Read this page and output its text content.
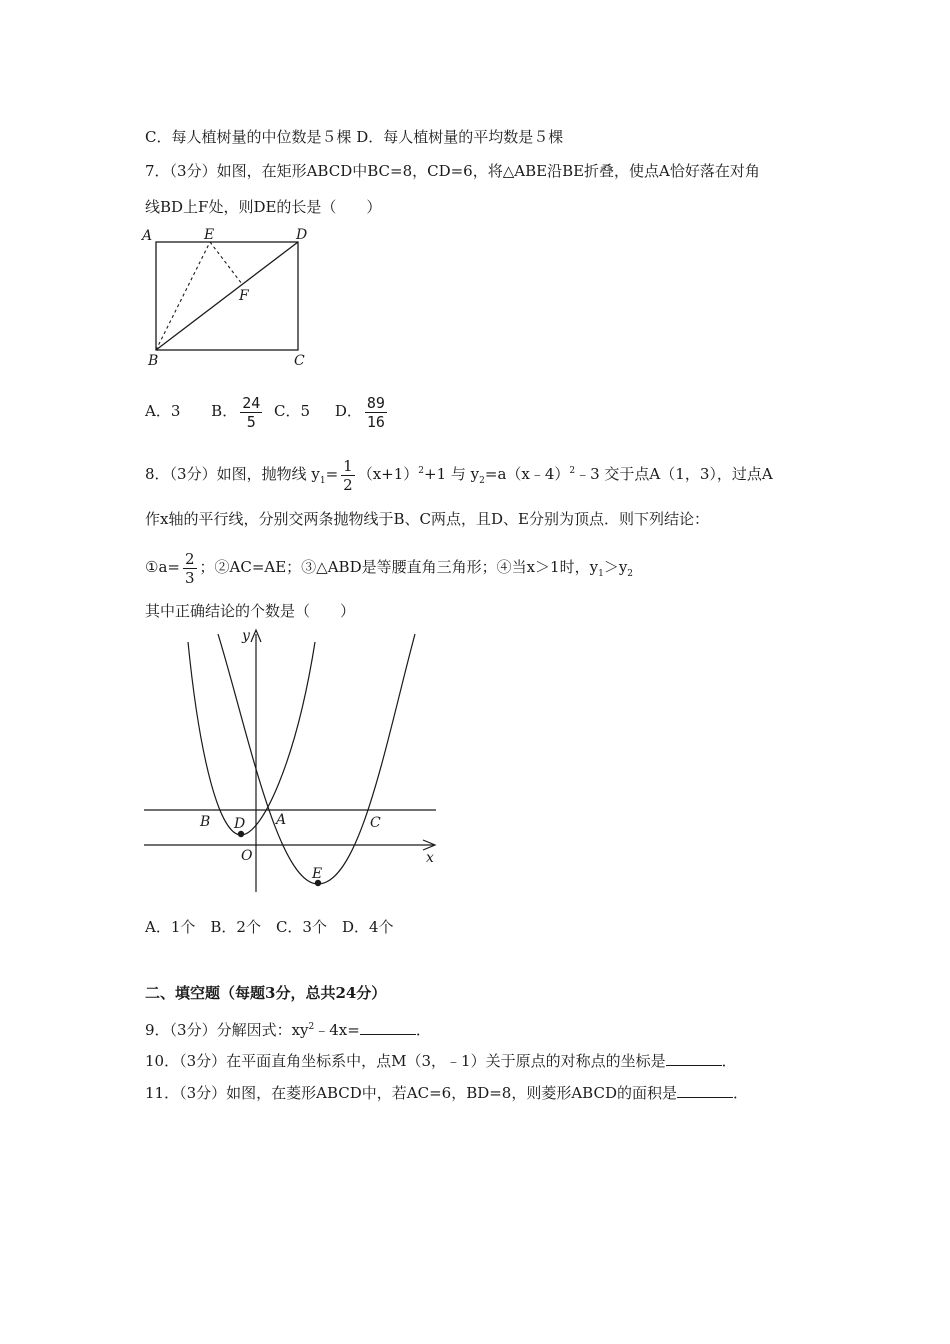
C．每人植树量的中位数是５棵 D．每人植树量的平均数是５棵
7．（3分）如图，在矩形ABCD中BC=8，CD=6，将△ABE沿BE折叠，使点A恰好落在对角
线BD上F处，则DE的长是（　　）
A	E	D
F
B	C
A．3 B． $\frac{24}{5}$ C．5 D． $\frac{89}{16}$
8．（3分）如图，抛物线 $y_1= \frac{1}{2} (x+1)^2+1$ 与 $y_2=a(x﹣4)^2﹣3$ 交于点A（1，3），过点A
作x轴的平行线，分别交两条抛物线于B、C两点，且D、E分别为顶点．则下列结论：
①a= $\frac{2}{3}$ ；②AC=AE；③△ABD是等腰直角三角形；④当x＞1时，$y_1>y_2$
其中正确结论的个数是（　　）
y
x
O
B D A	C
E
A．1个　B．2个　C．3个　D．4个
二、填空题（每题3分，总共24分）
9．（3分）分解因式：$xy^2﹣4x=$	．
10．（3分）在平面直角坐标系中，点M（3，﹣1）关于原点的对称点的坐标是	．
11．（3分）如图，在菱形ABCD中，若AC=6，BD=8，则菱形ABCD的面积是	．
